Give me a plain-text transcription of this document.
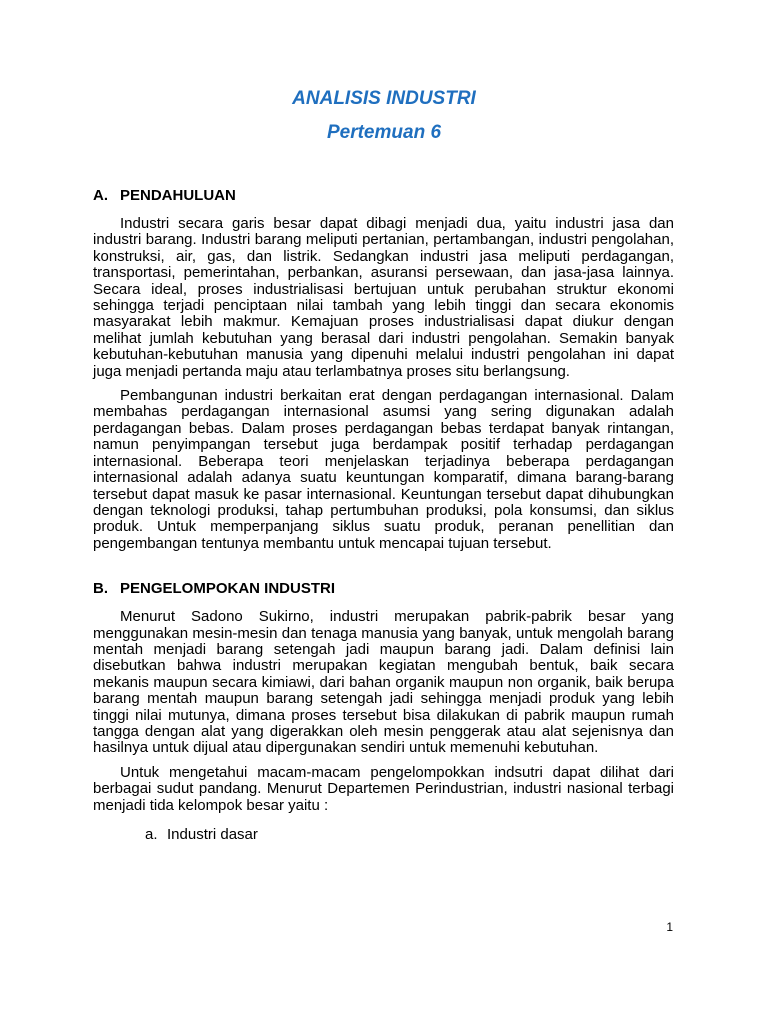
ANALISIS INDUSTRI
Pertemuan 6
A. PENDAHULUAN

Industri secara garis besar dapat dibagi menjadi dua, yaitu industri jasa dan industri barang. Industri barang meliputi pertanian, pertambangan, industri pengolahan, konstruksi, air, gas, dan listrik. Sedangkan industri jasa meliputi perdagangan, transportasi, pemerintahan, perbankan, asuransi persewaan, dan jasa-jasa lainnya. Secara ideal, proses industrialisasi bertujuan untuk perubahan struktur ekonomi sehingga terjadi penciptaan nilai tambah yang lebih tinggi dan secara ekonomis masyarakat lebih makmur. Kemajuan proses industrialisasi dapat diukur dengan melihat jumlah kebutuhan yang berasal dari industri pengolahan. Semakin banyak kebutuhan-kebutuhan manusia yang dipenuhi melalui industri pengolahan ini dapat juga menjadi pertanda maju atau terlambatnya proses situ berlangsung.

Pembangunan industri berkaitan erat dengan perdagangan internasional. Dalam membahas perdagangan internasional asumsi yang sering digunakan adalah perdagangan bebas. Dalam proses perdagangan bebas terdapat banyak rintangan, namun penyimpangan tersebut juga berdampak positif terhadap perdagangan internasional. Beberapa teori menjelaskan terjadinya beberapa perdagangan internasional adalah adanya suatu keuntungan komparatif, dimana barang-barang tersebut dapat masuk ke pasar internasional. Keuntungan tersebut dapat dihubungkan dengan teknologi produksi, tahap pertumbuhan produksi, pola konsumsi, dan siklus produk. Untuk memperpanjang siklus suatu produk, peranan penellitian dan pengembangan tentunya membantu untuk mencapai tujuan tersebut.

B. PENGELOMPOKAN INDUSTRI

Menurut Sadono Sukirno, industri merupakan pabrik-pabrik besar yang menggunakan mesin-mesin dan tenaga manusia yang banyak, untuk mengolah barang mentah menjadi barang setengah jadi maupun barang jadi. Dalam definisi lain disebutkan bahwa industri merupakan kegiatan mengubah bentuk, baik secara mekanis maupun secara kimiawi, dari bahan organik maupun non organik, baik berupa barang mentah maupun barang setengah jadi sehingga menjadi produk yang lebih tinggi nilai mutunya, dimana proses tersebut bisa dilakukan di pabrik maupun rumah tangga dengan alat yang digerakkan oleh mesin penggerak atau alat sejenisnya dan hasilnya untuk dijual atau dipergunakan sendiri untuk memenuhi kebutuhan.

Untuk mengetahui macam-macam pengelompokkan indsutri dapat dilihat dari berbagai sudut pandang. Menurut Departemen Perindustrian, industri nasional terbagi menjadi tida kelompok besar yaitu :

a. Industri dasar
1
